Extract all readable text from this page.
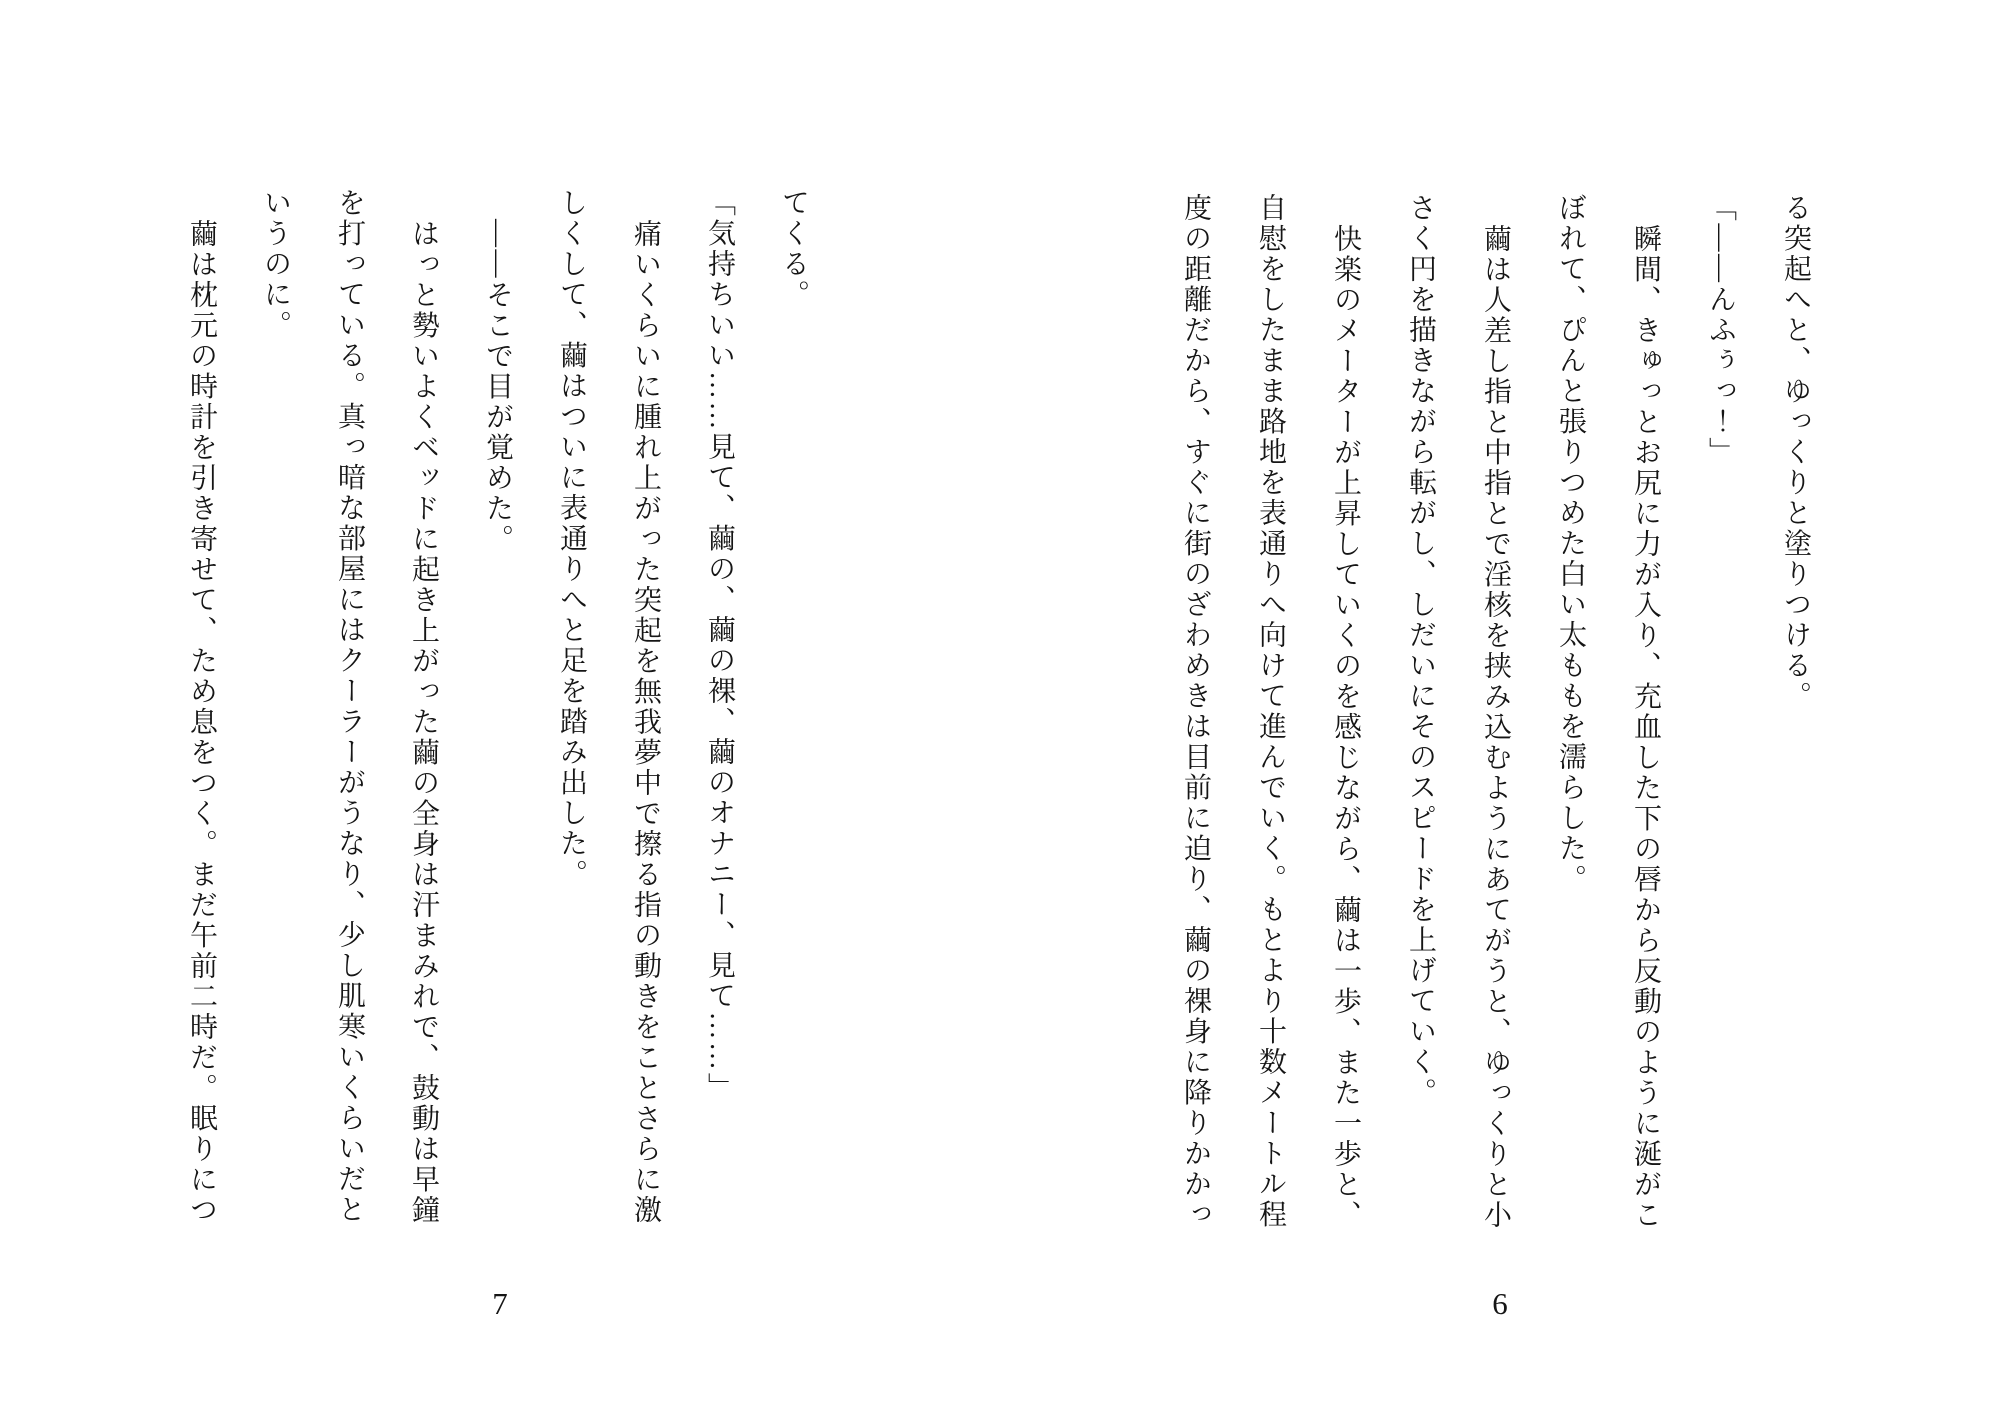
る突起へと、ゆっくりと塗りつける。

「――んふぅっ！」

瞬間、きゅっとお尻に力が入り、充血した下の唇から反動のように涎がこ

ぼれて、ぴんと張りつめた白い太ももを濡らした。

繭は人差し指と中指とで淫核を挟み込むようにあてがうと、ゆっくりと小

さく円を描きながら転がし、しだいにそのスピードを上げていく。

快楽のメーターが上昇していくのを感じながら、繭は一歩、また一歩と、

自慰をしたまま路地を表通りへ向けて進んでいく。もとより十数メートル程

度の距離だから、すぐに街のざわめきは目前に迫り、繭の裸身に降りかかっ

6

てくる。

「気持ちいい……見て、繭の、繭の裸、繭のオナニー、見て……」

痛いくらいに腫れ上がった突起を無我夢中で擦る指の動きをことさらに激

しくして、繭はついに表通りへと足を踏み出した。

――そこで目が覚めた。

はっと勢いよくベッドに起き上がった繭の全身は汗まみれで、鼓動は早鐘

を打っている。真っ暗な部屋にはクーラーがうなり、少し肌寒いくらいだと

いうのに。

繭は枕元の時計を引き寄せて、ため息をつく。まだ午前二時だ。眠りにつ

7
